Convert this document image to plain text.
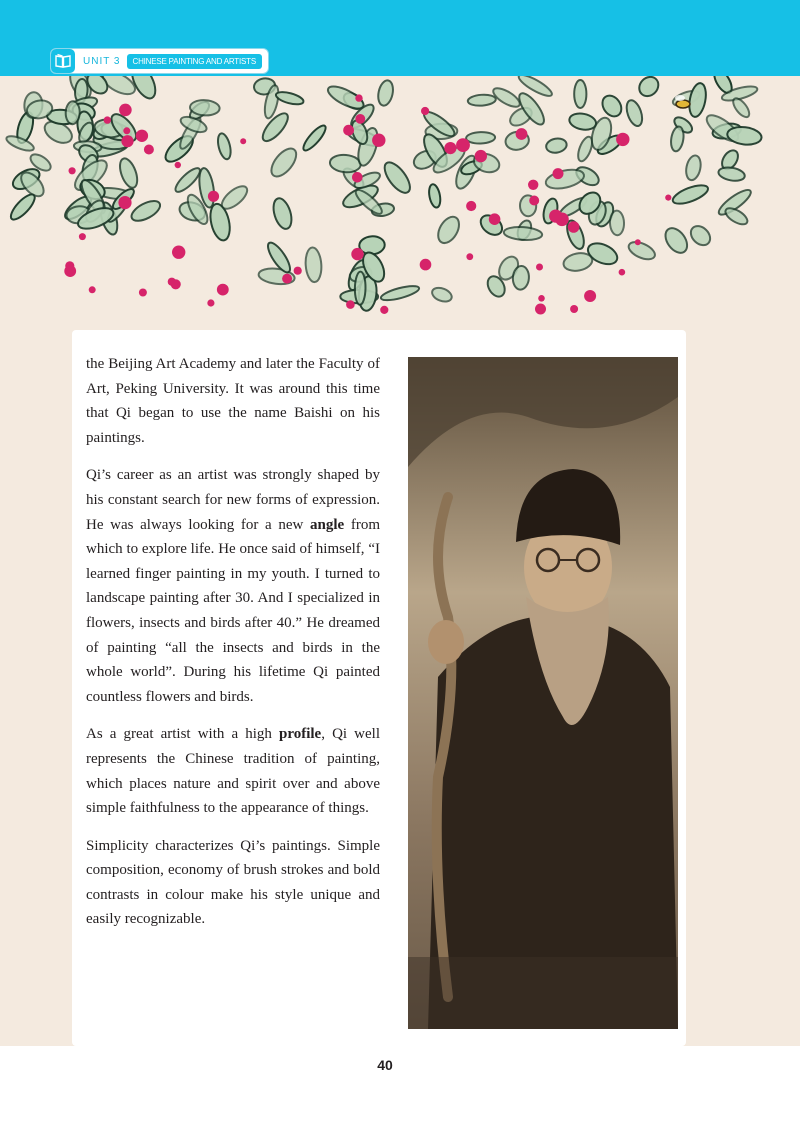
UNIT 3	CHINESE PAINTING AND ARTISTS

the Beijing Art Academy and later the Faculty of Art, Peking University. It was around this time that Qi began to use the name Baishi on his paintings.

Qi’s career as an artist was strongly shaped by his constant search for new forms of expression. He was always looking for a new angle from which to explore life. He once said of himself, “I learned finger painting in my youth. I turned to landscape painting after 30. And I specialized in flowers, insects and birds after 40.” He dreamed of painting “all the insects and birds in the whole world”. During his lifetime Qi painted countless flowers and birds.

As a great artist with a high profile, Qi well represents the Chinese tradition of painting, which places nature and spirit over and above simple faithfulness to the appearance of things.

Simplicity characterizes Qi’s paintings. Simple composition, economy of brush strokes and bold contrasts in colour make his style unique and easily recognizable.

40
